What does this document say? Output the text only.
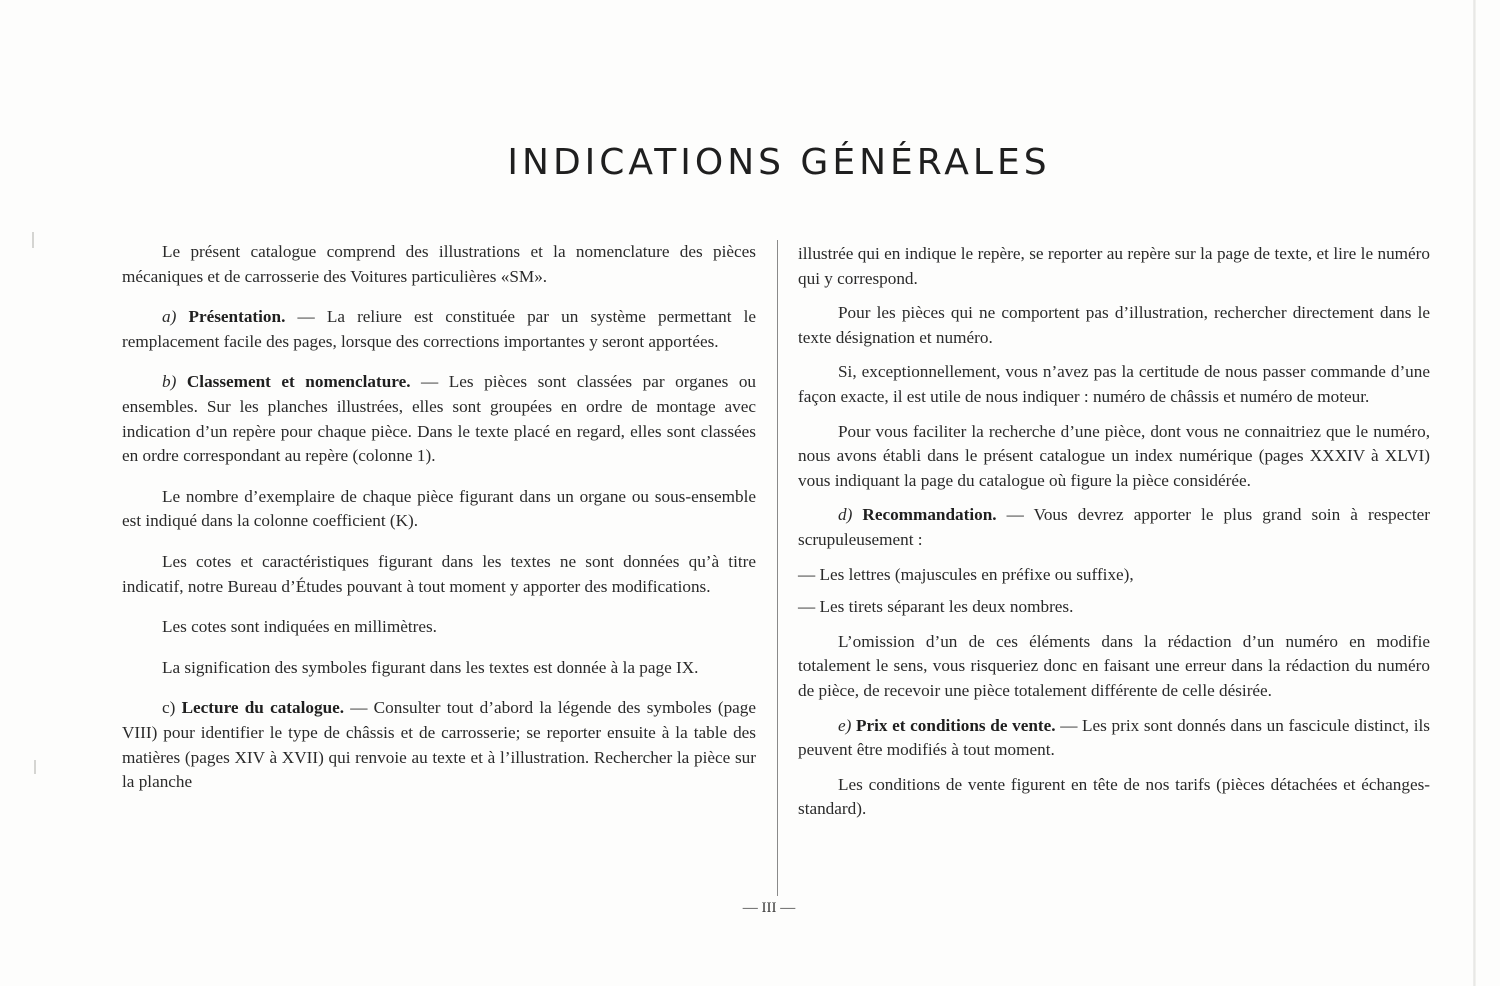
INDICATIONS GÉNÉRALES

Le présent catalogue comprend des illustrations et la nomenclature des pièces mécaniques et de carrosserie des Voitures particulières «SM».

a) Présentation. — La reliure est constituée par un système permettant le remplacement facile des pages, lorsque des corrections importantes y seront apportées.

b) Classement et nomenclature. — Les pièces sont classées par organes ou ensembles. Sur les planches illustrées, elles sont groupées en ordre de montage avec indication d’un repère pour chaque pièce. Dans le texte placé en regard, elles sont classées en ordre correspondant au repère (colonne 1).

Le nombre d’exemplaire de chaque pièce figurant dans un organe ou sous-ensemble est indiqué dans la colonne coefficient (K).

Les cotes et caractéristiques figurant dans les textes ne sont données qu’à titre indicatif, notre Bureau d’Études pouvant à tout moment y apporter des modifications.

Les cotes sont indiquées en millimètres.

La signification des symboles figurant dans les textes est donnée à la page IX.

c) Lecture du catalogue. — Consulter tout d’abord la légende des symboles (page VIII) pour identifier le type de châssis et de carrosserie; se reporter ensuite à la table des matières (pages XIV à XVII) qui renvoie au texte et à l’illustration. Rechercher la pièce sur la planche

illustrée qui en indique le repère, se reporter au repère sur la page de texte, et lire le numéro qui y correspond.

Pour les pièces qui ne comportent pas d’illustration, rechercher directement dans le texte désignation et numéro.

Si, exceptionnellement, vous n’avez pas la certitude de nous passer commande d’une façon exacte, il est utile de nous indiquer : numéro de châssis et numéro de moteur.

Pour vous faciliter la recherche d’une pièce, dont vous ne connaitriez que le numéro, nous avons établi dans le présent catalogue un index numérique (pages XXXIV à XLVI) vous indiquant la page du catalogue où figure la pièce considérée.

d) Recommandation. — Vous devrez apporter le plus grand soin à respecter scrupuleusement :

— Les lettres (majuscules en préfixe ou suffixe),

— Les tirets séparant les deux nombres.

L’omission d’un de ces éléments dans la rédaction d’un numéro en modifie totalement le sens, vous risqueriez donc en faisant une erreur dans la rédaction du numéro de pièce, de recevoir une pièce totalement différente de celle désirée.

e) Prix et conditions de vente. — Les prix sont donnés dans un fascicule distinct, ils peuvent être modifiés à tout moment.

Les conditions de vente figurent en tête de nos tarifs (pièces détachées et échanges-standard).

— III —
